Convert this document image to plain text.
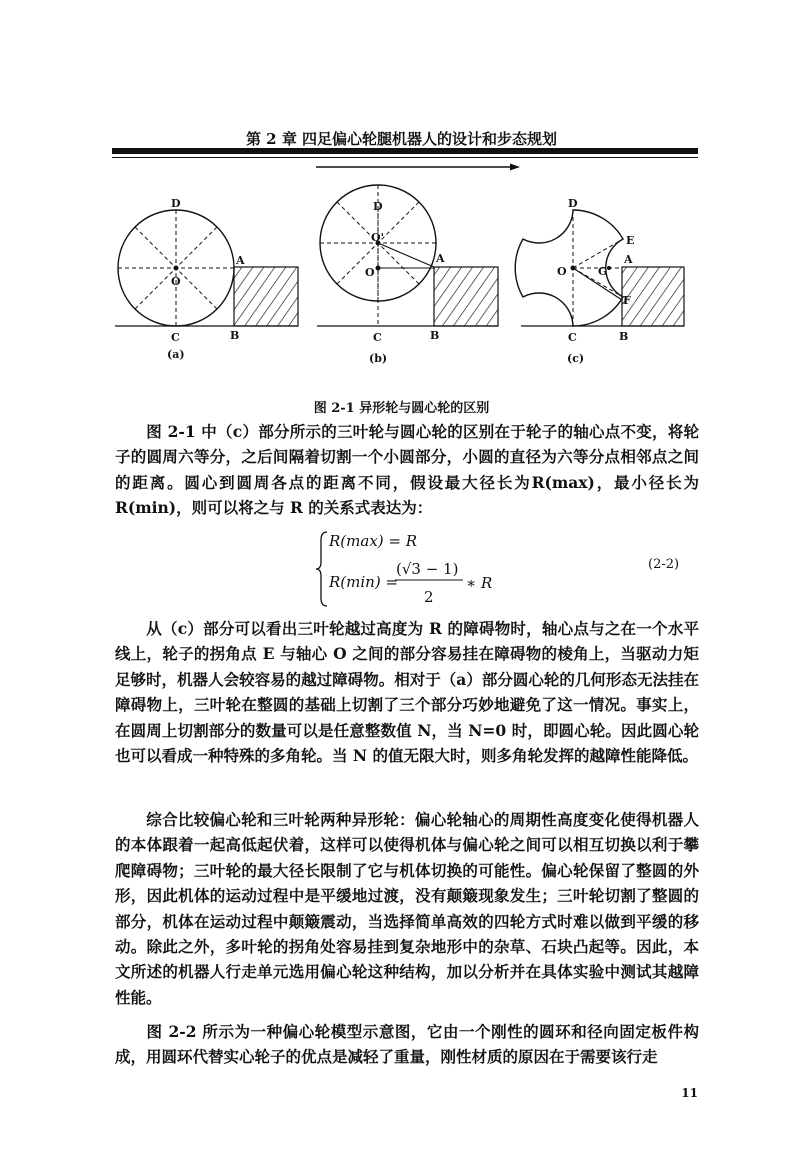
第 2 章 四足偏心轮腿机器人的设计和步态规划
D
O
C
A
B
(a)
D
O'
O
C
A
B
(b)
D
E
O	G
A
F
C	B
(c)
图 2-1 异形轮与圆心轮的区别

图 2-1 中（c）部分所示的三叶轮与圆心轮的区别在于轮子的轴心点不变，将轮子的圆周六等分，之后间隔着切割一个小圆部分，小圆的直径为六等分点相邻点之间的距离。圆心到圆周各点的距离不同，假设最大径长为R(max)，最小径长为R(min)，则可以将之与 R 的关系式表达为：

R(max) = R
R(min) =
(√3 − 1)
2
∗ R
(2-2)

从（c）部分可以看出三叶轮越过高度为 R 的障碍物时，轴心点与之在一个水平线上，轮子的拐角点 E 与轴心 O 之间的部分容易挂在障碍物的棱角上，当驱动力矩足够时，机器人会较容易的越过障碍物。相对于（a）部分圆心轮的几何形态无法挂在障碍物上，三叶轮在整圆的基础上切割了三个部分巧妙地避免了这一情况。事实上，在圆周上切割部分的数量可以是任意整数值 N，当 N=0 时，即圆心轮。因此圆心轮也可以看成一种特殊的多角轮。当 N 的值无限大时，则多角轮发挥的越障性能降低。

综合比较偏心轮和三叶轮两种异形轮：偏心轮轴心的周期性高度变化使得机器人的本体跟着一起高低起伏着，这样可以使得机体与偏心轮之间可以相互切换以利于攀爬障碍物；三叶轮的最大径长限制了它与机体切换的可能性。偏心轮保留了整圆的外形，因此机体的运动过程中是平缓地过渡，没有颠簸现象发生；三叶轮切割了整圆的部分，机体在运动过程中颠簸震动，当选择简单高效的四轮方式时难以做到平缓的移动。除此之外，多叶轮的拐角处容易挂到复杂地形中的杂草、石块凸起等。因此，本文所述的机器人行走单元选用偏心轮这种结构，加以分析并在具体实验中测试其越障性能。

图 2-2 所示为一种偏心轮模型示意图，它由一个刚性的圆环和径向固定板件构成，用圆环代替实心轮子的优点是减轻了重量，刚性材质的原因在于需要该行走

11
